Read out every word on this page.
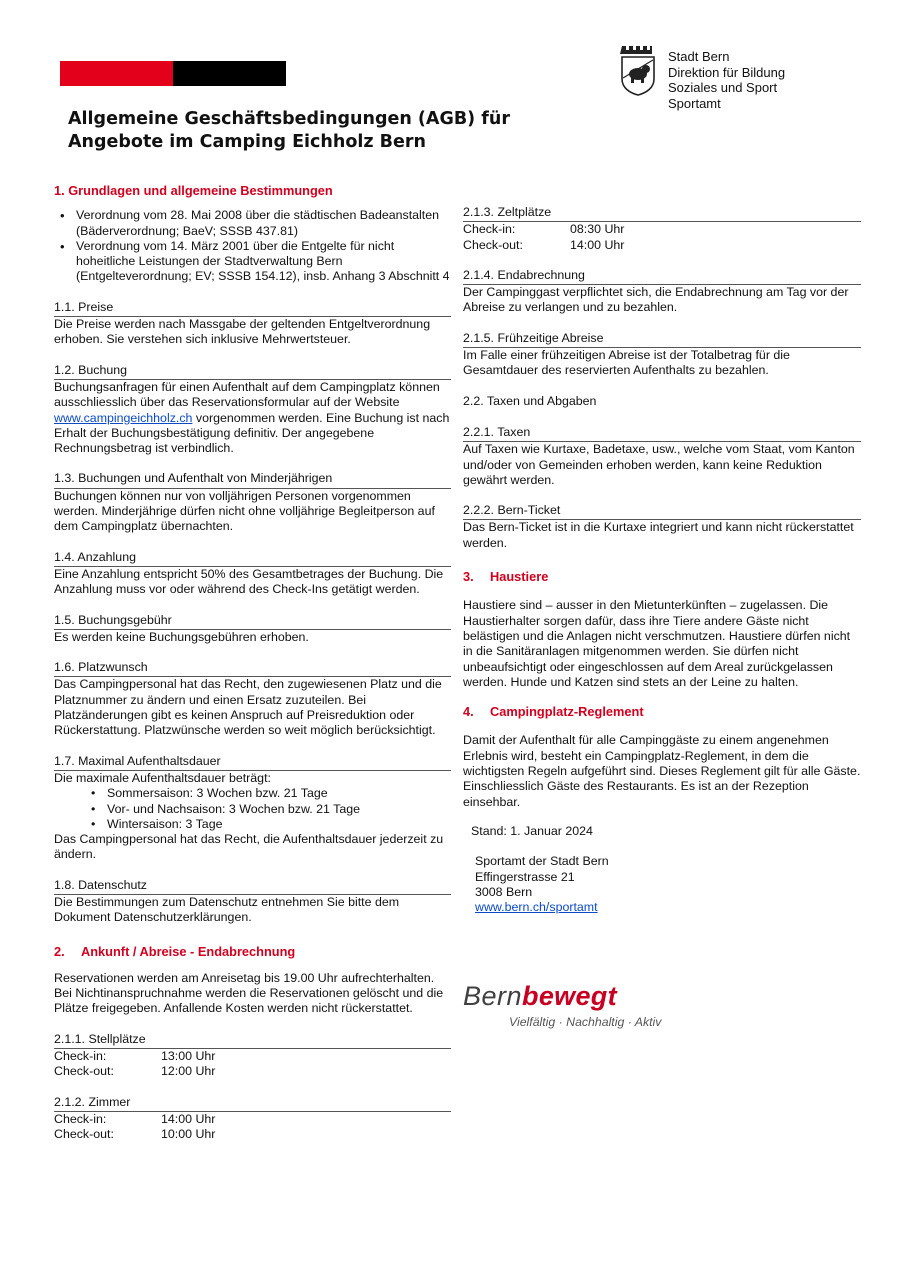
Stadt Bern
Direktion für Bildung
Soziales und Sport
Sportamt
Allgemeine Geschäftsbedingungen (AGB) für
Angebote im Camping Eichholz Bern
1. Grundlagen und allgemeine Bestimmungen
• Verordnung vom 28. Mai 2008 über die städtischen Badeanstalten (Bäderverordnung; BaeV; SSSB 437.81)
• Verordnung vom 14. März 2001 über die Entgelte für nicht hoheitliche Leistungen der Stadtverwaltung Bern (Entgelteverordnung; EV; SSSB 154.12), insb. Anhang 3 Abschnitt 4
1.1. Preise

Die Preise werden nach Massgabe der geltenden Entgeltverordnung erhoben. Sie verstehen sich inklusive Mehrwertsteuer.

1.2. Buchung

Buchungsanfragen für einen Aufenthalt auf dem Campingplatz können ausschliesslich über das Reservationsformular auf der Website www.campingeichholz.ch vorgenommen werden. Eine Buchung ist nach Erhalt der Buchungsbestätigung definitiv. Der angegebene Rechnungsbetrag ist verbindlich.

1.3. Buchungen und Aufenthalt von Minderjährigen

Buchungen können nur von volljährigen Personen vorgenommen werden. Minderjährige dürfen nicht ohne volljährige Begleitperson auf dem Campingplatz übernachten.

1.4. Anzahlung

Eine Anzahlung entspricht 50% des Gesamtbetrages der Buchung. Die Anzahlung muss vor oder während des Check-Ins getätigt werden.

1.5. Buchungsgebühr

Es werden keine Buchungsgebühren erhoben.

1.6. Platzwunsch

Das Campingpersonal hat das Recht, den zugewiesenen Platz und die Platznummer zu ändern und einen Ersatz zuzuteilen. Bei Platzänderungen gibt es keinen Anspruch auf Preisreduktion oder Rückerstattung. Platzwünsche werden so weit möglich berücksichtigt.

1.7. Maximal Aufenthaltsdauer

Die maximale Aufenthaltsdauer beträgt:

• Sommersaison: 3 Wochen bzw. 21 Tage
• Vor- und Nachsaison: 3 Wochen bzw. 21 Tage
• Wintersaison: 3 Tage

Das Campingpersonal hat das Recht, die Aufenthaltsdauer jederzeit zu ändern.

1.8. Datenschutz

Die Bestimmungen zum Datenschutz entnehmen Sie bitte dem Dokument Datenschutzerklärungen.

2.	Ankunft / Abreise - Endabrechnung

Reservationen werden am Anreisetag bis 19.00 Uhr aufrechterhalten. Bei Nichtinanspruchnahme werden die Reservationen gelöscht und die Plätze freigegeben. Anfallende Kosten werden nicht rückerstattet.

2.1.1. Stellplätze
Check-in:	13:00 Uhr
Check-out:	12:00 Uhr
2.1.2. Zimmer
Check-in:	14:00 Uhr
Check-out:	10:00 Uhr
2.1.3. Zeltplätze
Check-in:	08:30 Uhr
Check-out:	14:00 Uhr
2.1.4. Endabrechnung

Der Campinggast verpflichtet sich, die Endabrechnung am Tag vor der Abreise zu verlangen und zu bezahlen.

2.1.5. Frühzeitige Abreise

Im Falle einer frühzeitigen Abreise ist der Totalbetrag für die Gesamtdauer des reservierten Aufenthalts zu bezahlen.

2.2. Taxen und Abgaben
2.2.1. Taxen

Auf Taxen wie Kurtaxe, Badetaxe, usw., welche vom Staat, vom Kanton und/oder von Gemeinden erhoben werden, kann keine Reduktion gewährt werden.

2.2.2. Bern-Ticket

Das Bern-Ticket ist in die Kurtaxe integriert und kann nicht rückerstattet werden.

3.	Haustiere

Haustiere sind – ausser in den Mietunterkünften – zugelassen. Die Haustierhalter sorgen dafür, dass ihre Tiere andere Gäste nicht belästigen und die Anlagen nicht verschmutzen. Haustiere dürfen nicht in die Sanitäranlagen mitgenommen werden. Sie dürfen nicht unbeaufsichtigt oder eingeschlossen auf dem Areal zurückgelassen werden. Hunde und Katzen sind stets an der Leine zu halten.

4.	Campingplatz-Reglement

Damit der Aufenthalt für alle Campinggäste zu einem angenehmen Erlebnis wird, besteht ein Campingplatz-Reglement, in dem die wichtigsten Regeln aufgeführt sind. Dieses Reglement gilt für alle Gäste. Einschliesslich Gäste des Restaurants. Es ist an der Rezeption einsehbar.

Stand: 1. Januar 2024

Sportamt der Stadt Bern

Effingerstrasse 21

3008 Bern

www.bern.ch/sportamt
Bernbewegt
Vielfältig · Nachhaltig · Aktiv
